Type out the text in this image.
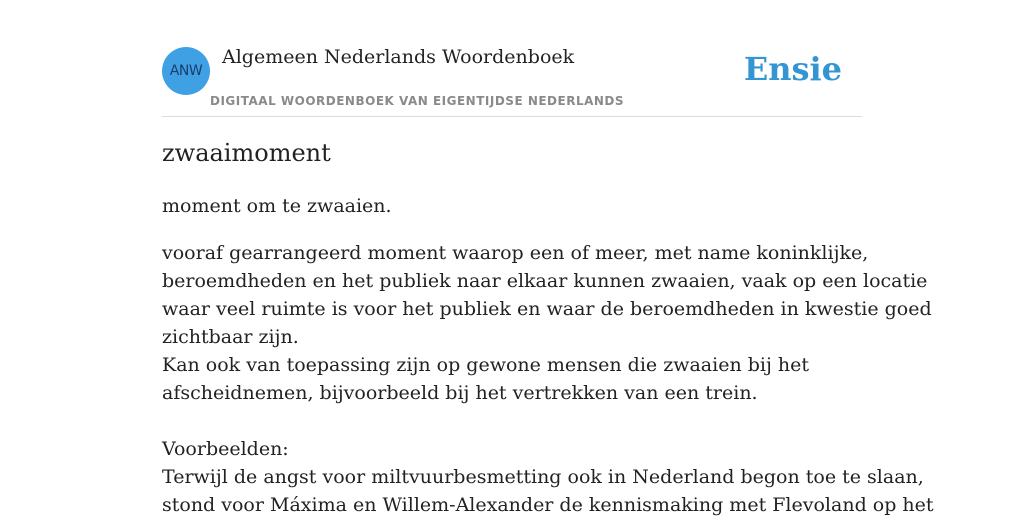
ANW
Algemeen Nederlands Woordenboek
DIGITAAL WOORDENBOEK VAN EIGENTIJDSE NEDERLANDS
Ensie
zwaaimoment
moment om te zwaaien.
vooraf gearrangeerd moment waarop een of meer, met name koninklijke,
beroemdheden en het publiek naar elkaar kunnen zwaaien, vaak op een locatie
waar veel ruimte is voor het publiek en waar de beroemdheden in kwestie goed
zichtbaar zijn.
Kan ook van toepassing zijn op gewone mensen die zwaaien bij het
afscheidnemen, bijvoorbeeld bij het vertrekken van een trein.
Voorbeelden:
Terwijl de angst voor miltvuurbesmetting ook in Nederland begon toe te slaan,
stond voor Máxima en Willem-Alexander de kennismaking met Flevoland op het
